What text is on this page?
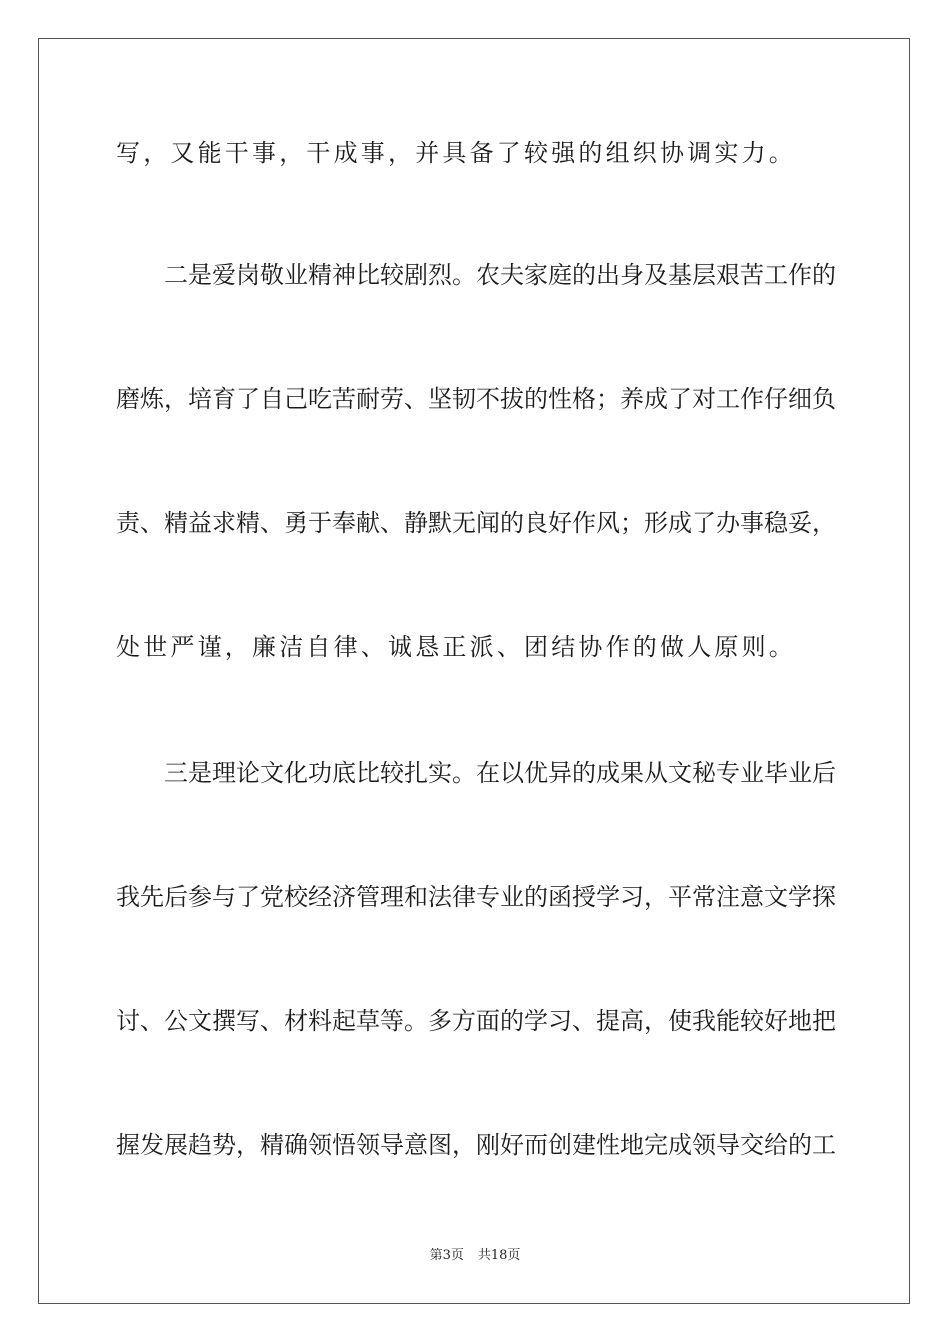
写，又能干事，干成事，并具备了较强的组织协调实力。
二是爱岗敬业精神比较剧烈。农夫家庭的出身及基层艰苦工作的
磨炼，培育了自己吃苦耐劳、坚韧不拔的性格；养成了对工作仔细负
责、精益求精、勇于奉献、静默无闻的良好作风；形成了办事稳妥，
处世严谨，廉洁自律、诚恳正派、团结协作的做人原则。
三是理论文化功底比较扎实。在以优异的成果从文秘专业毕业后
我先后参与了党校经济管理和法律专业的函授学习，平常注意文学探
讨、公文撰写、材料起草等。多方面的学习、提高，使我能较好地把
握发展趋势，精确领悟领导意图，刚好而创建性地完成领导交给的工
第3页 共18页
